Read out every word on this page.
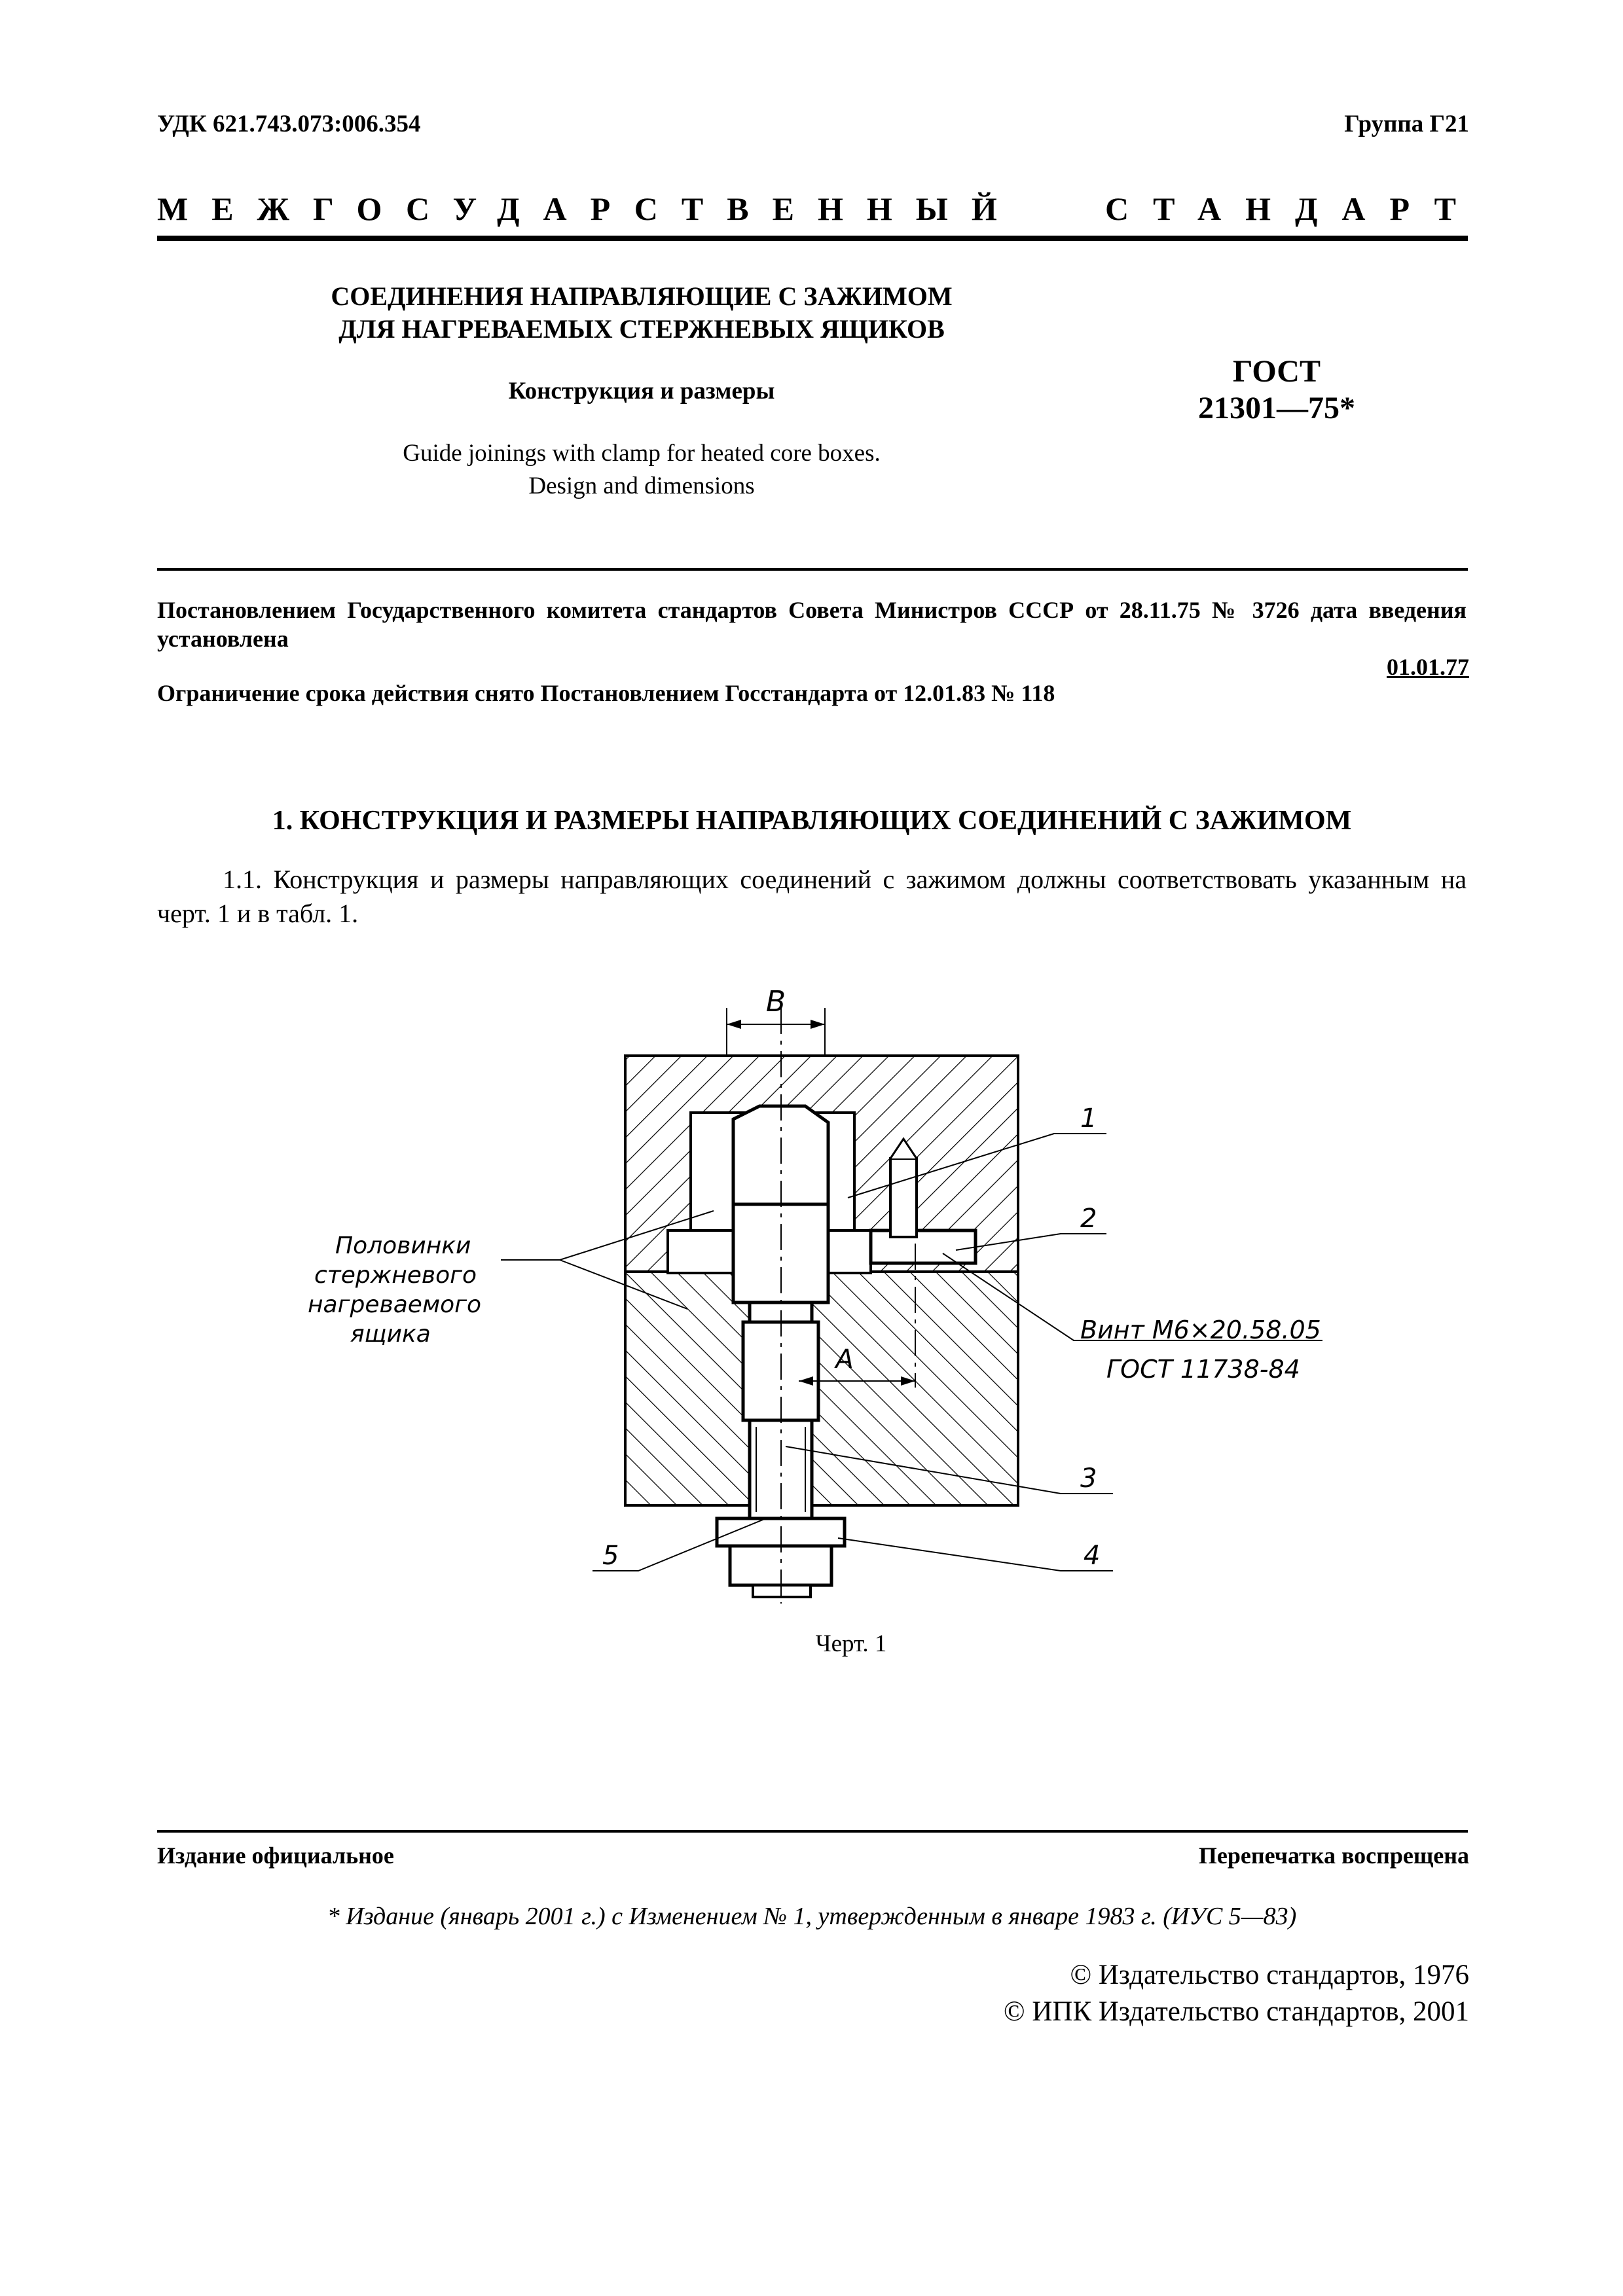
УДК 621.743.073:006.354	Группа Г21
МЕЖГОСУДАРСТВЕННЫЙ	СТАНДАРТ
СОЕДИНЕНИЯ НАПРАВЛЯЮЩИЕ С ЗАЖИМОМ
ДЛЯ НАГРЕВАЕМЫХ СТЕРЖНЕВЫХ ЯЩИКОВ
Конструкция и размеры
Guide joinings with clamp for heated core boxes.
Design and dimensions
ГОСТ
21301—75*
Постановлением Государственного комитета стандартов Совета Министров СССР от 28.11.75 № 3726 дата введения установлена
01.01.77
Ограничение срока действия снято Постановлением Госстандарта от 12.01.83 № 118
1. КОНСТРУКЦИЯ И РАЗМЕРЫ НАПРАВЛЯЮЩИХ СОЕДИНЕНИЙ С ЗАЖИМОМ
1.1. Конструкция и размеры направляющих соединений с зажимом должны соответствовать указанным на черт. 1 и в табл. 1.
B
A
Половинки
стержневого
нагреваемого
ящика	Винт М6×20.58.05
ГОСТ 11738-84
1
2
3
4
5
Черт. 1
Издание официальное	Перепечатка воспрещена
* Издание (январь 2001 г.) с Изменением № 1, утвержденным в январе 1983 г. (ИУС 5—83)
© Издательство стандартов, 1976
© ИПК Издательство стандартов, 2001
